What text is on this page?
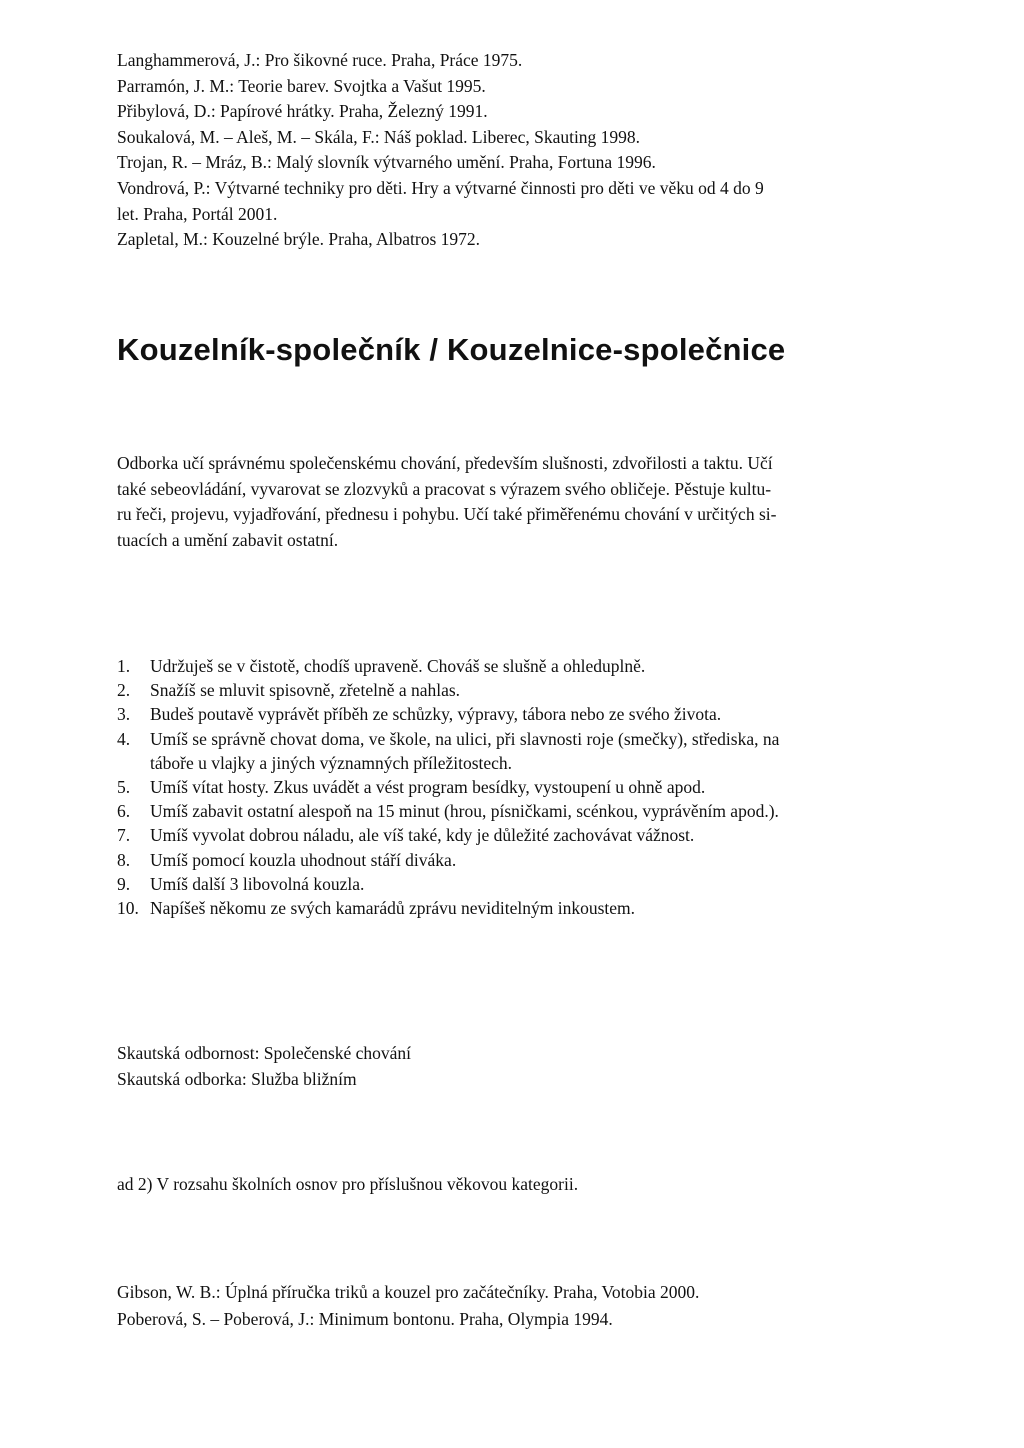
Langhammerová, J.: Pro šikovné ruce. Praha, Práce 1975.

Parramón, J. M.: Teorie barev. Svojtka a Vašut 1995.

Přibylová, D.: Papírové hrátky. Praha, Železný 1991.

Soukalová, M. – Aleš, M. – Skála, F.: Náš poklad. Liberec, Skauting 1998.

Trojan, R. – Mráz, B.: Malý slovník výtvarného umění. Praha, Fortuna 1996.

Vondrová, P.: Výtvarné techniky pro děti. Hry a výtvarné činnosti pro děti ve věku od 4 do 9

let. Praha, Portál 2001.

Zapletal, M.: Kouzelné brýle. Praha, Albatros 1972.

Kouzelník-společník / Kouzelnice-společnice

Odborka učí správnému společenskému chování, především slušnosti, zdvořilosti a taktu. Učí

také sebeovládání, vyvarovat se zlozvyků a pracovat s výrazem svého obličeje. Pěstuje kultu-

ru řeči, projevu, vyjadřování, přednesu i pohybu. Učí také přiměřenému chování v určitých si-

tuacích a umění zabavit ostatní.

1. Udržuješ se v čistotě, chodíš upraveně. Chováš se slušně a ohleduplně.
2. Snažíš se mluvit spisovně, zřetelně a nahlas.
3. Budeš poutavě vyprávět příběh ze schůzky, výpravy, tábora nebo ze svého života.
4. Umíš se správně chovat doma, ve škole, na ulici, při slavnosti roje (smečky), střediska, na
táboře u vlajky a jiných významných příležitostech.
5. Umíš vítat hosty. Zkus uvádět a vést program besídky, vystoupení u ohně apod.
6. Umíš zabavit ostatní alespoň na 15 minut (hrou, písničkami, scénkou, vyprávěním apod.).
7. Umíš vyvolat dobrou náladu, ale víš také, kdy je důležité zachovávat vážnost.
8. Umíš pomocí kouzla uhodnout stáří diváka.
9. Umíš další 3 libovolná kouzla.
10. Napíšeš někomu ze svých kamarádů zprávu neviditelným inkoustem.

Skautská odbornost: Společenské chování

Skautská odborka: Služba bližním

ad 2) V rozsahu školních osnov pro příslušnou věkovou kategorii.

Gibson, W. B.: Úplná příručka triků a kouzel pro začátečníky. Praha, Votobia 2000.

Poberová, S. – Poberová, J.: Minimum bontonu. Praha, Olympia 1994.
